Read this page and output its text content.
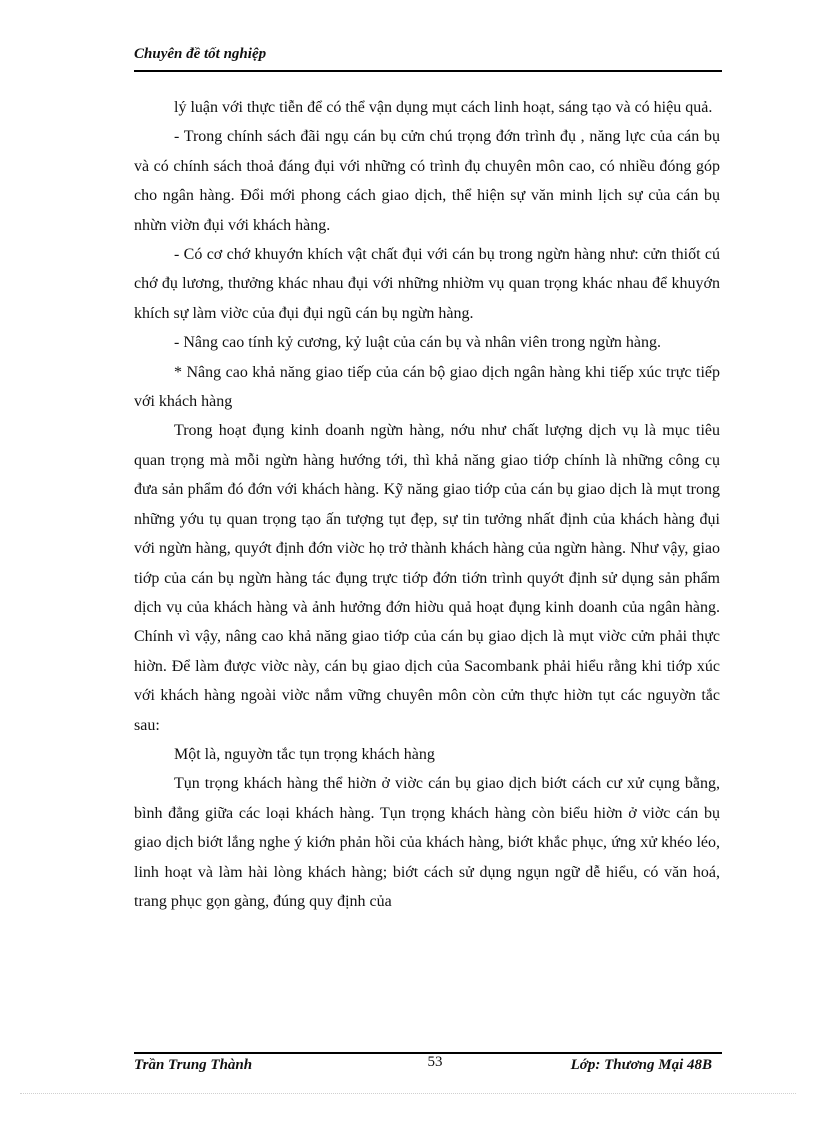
Chuyên đề tốt nghiệp

lý luận với thực tiễn để có thể vận dụng mụt cách linh hoạt, sáng tạo và có hiệu quả.

- Trong chính sách đãi ngụ cán bụ cửn chú trọng đớn trình đụ , năng lực của cán bụ và có chính sách thoả đáng đụi với những có trình đụ chuyên môn cao, có nhiều đóng góp cho ngân hàng. Đổi mới phong cách giao dịch, thể hiện sự văn minh lịch sự của cán bụ nhừn viờn đụi với khách hàng.

- Có cơ chớ khuyớn khích vật chất đụi với cán bụ trong ngừn hàng như: cửn thiốt cú chớ đụ lương, thưởng khác nhau đụi với những nhiờm vụ quan trọng khác nhau để khuyớn khích sự làm viờc của đụi đụi ngũ cán bụ ngừn hàng.

- Nâng cao tính kỷ cương, kỷ luật của cán bụ và nhân viên trong ngừn hàng.

* Nâng cao khả năng giao tiếp của cán bộ giao dịch ngân hàng khi tiếp xúc trực tiếp với khách hàng

Trong hoạt đụng kinh doanh ngừn hàng, nớu như chất lượng dịch vụ là mục tiêu quan trọng mà mỗi ngừn hàng hướng tới, thì khả năng giao tiớp chính là những công cụ đưa sản phẩm đó đớn với khách hàng. Kỹ năng giao tiớp của cán bụ giao dịch là mụt trong những yớu tụ quan trọng tạo ấn tượng tụt đẹp, sự tin tưởng nhất định của khách hàng đụi với ngừn hàng, quyớt định đớn viờc họ trở thành khách hàng của ngừn hàng. Như vậy, giao tiớp của cán bụ ngừn hàng tác đụng trực tiớp đớn tiớn trình quyớt định sử dụng sản phẩm dịch vụ của khách hàng và ảnh hưởng đớn hiờu quả hoạt đụng kinh doanh của ngân hàng. Chính vì vậy, nâng cao khả năng giao tiớp của cán bụ giao dịch là mụt viờc cửn phải thực hiờn. Để làm được viờc này, cán bụ giao dịch của Sacombank phải hiểu rằng khi tiớp xúc với khách hàng ngoài viờc nắm vững chuyên môn còn cửn thực hiờn tụt các nguyờn tắc sau:

Một là, nguyờn tắc tụn trọng khách hàng

Tụn trọng khách hàng thể hiờn ở viờc cán bụ giao dịch biớt cách cư xử cụng bằng, bình đẳng giữa các loại khách hàng. Tụn trọng khách hàng còn biểu hiờn ở viờc cán bụ giao dịch biớt lắng nghe ý kiớn phản hồi của khách hàng, biớt khắc phục, ứng xử khéo léo, linh hoạt và làm hài lòng khách hàng; biớt cách sử dụng ngụn ngữ dễ hiểu, có văn hoá, trang phục gọn gàng, đúng quy định của

Trần Trung Thành	53	Lớp: Thương Mại 48B
